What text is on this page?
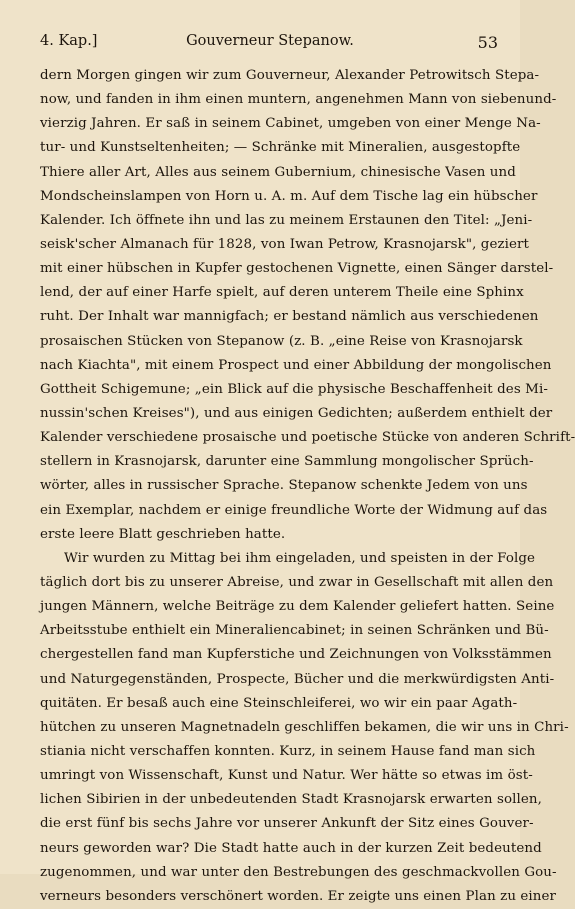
4. Kap.]	Gouverneur Stepanow.	53
dern Morgen gingen wir zum Gouverneur, Alexander Petrowitsch Stepa-
now, und fanden in ihm einen muntern, angenehmen Mann von siebenund-
vierzig Jahren. Er saß in seinem Cabinet, umgeben von einer Menge Na-
tur- und Kunstseltenheiten; — Schränke mit Mineralien, ausgestopfte
Thiere aller Art, Alles aus seinem Gubernium, chinesische Vasen und
Mondscheinslampen von Horn u. A. m. Auf dem Tische lag ein hübscher
Kalender. Ich öffnete ihn und las zu meinem Erstaunen den Titel: „Jeni-
seisk'scher Almanach für 1828, von Iwan Petrow, Krasnojarsk", geziert
mit einer hübschen in Kupfer gestochenen Vignette, einen Sänger darstel-
lend, der auf einer Harfe spielt, auf deren unterem Theile eine Sphinx
ruht. Der Inhalt war mannigfach; er bestand nämlich aus verschiedenen
prosaischen Stücken von Stepanow (z. B. „eine Reise von Krasnojarsk
nach Kiachta", mit einem Prospect und einer Abbildung der mongolischen
Gottheit Schigemune; „ein Blick auf die physische Beschaffenheit des Mi-
nussin'schen Kreises"), und aus einigen Gedichten; außerdem enthielt der
Kalender verschiedene prosaische und poetische Stücke von anderen Schrift-
stellern in Krasnojarsk, darunter eine Sammlung mongolischer Sprüch-
wörter, alles in russischer Sprache. Stepanow schenkte Jedem von uns
ein Exemplar, nachdem er einige freundliche Worte der Widmung auf das
erste leere Blatt geschrieben hatte.
Wir wurden zu Mittag bei ihm eingeladen, und speisten in der Folge
täglich dort bis zu unserer Abreise, und zwar in Gesellschaft mit allen den
jungen Männern, welche Beiträge zu dem Kalender geliefert hatten. Seine
Arbeitsstube enthielt ein Mineraliencabinet; in seinen Schränken und Bü-
chergestellen fand man Kupferstiche und Zeichnungen von Volksstämmen
und Naturgegenständen, Prospecte, Bücher und die merkwürdigsten Anti-
quitäten. Er besaß auch eine Steinschleiferei, wo wir ein paar Agath-
hütchen zu unseren Magnetnadeln geschliffen bekamen, die wir uns in Chri-
stiania nicht verschaffen konnten. Kurz, in seinem Hause fand man sich
umringt von Wissenschaft, Kunst und Natur. Wer hätte so etwas im öst-
lichen Sibirien in der unbedeutenden Stadt Krasnojarsk erwarten sollen,
die erst fünf bis sechs Jahre vor unserer Ankunft der Sitz eines Gouver-
neurs geworden war? Die Stadt hatte auch in der kurzen Zeit bedeutend
zugenommen, und war unter den Bestrebungen des geschmackvollen Gou-
verneurs besonders verschönert worden. Er zeigte uns einen Plan zu einer
